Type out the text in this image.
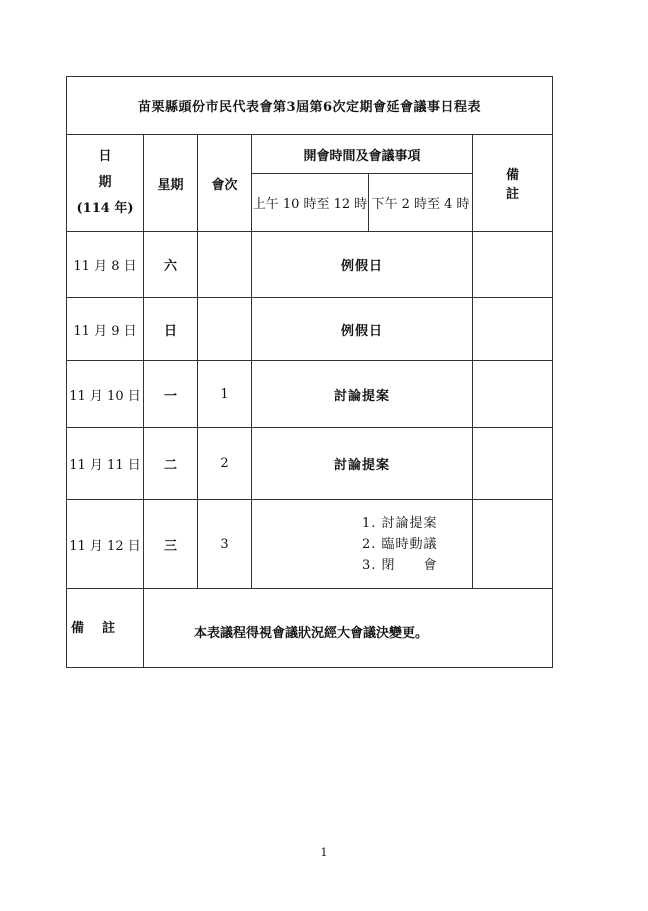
苗栗縣頭份市民代表會第3屆第6次定期會延會議事日程表					

日期
(114 年)	星期	會次	開會時間及會議事項		備註
			上午 10 時至 12 時	下午 2 時至 4 時	
11 月 8 日	六		例假日		
11 月 9 日	日		例假日		
11 月 10 日	一	1	討論提案		
11 月 11 日	二	2	討論提案		
11 月 12 日	三	3	1. 討論提案
2. 臨時動議
3. 閉　　會		

備註	本表議程得視會議狀況經大會議決變更。				
1
